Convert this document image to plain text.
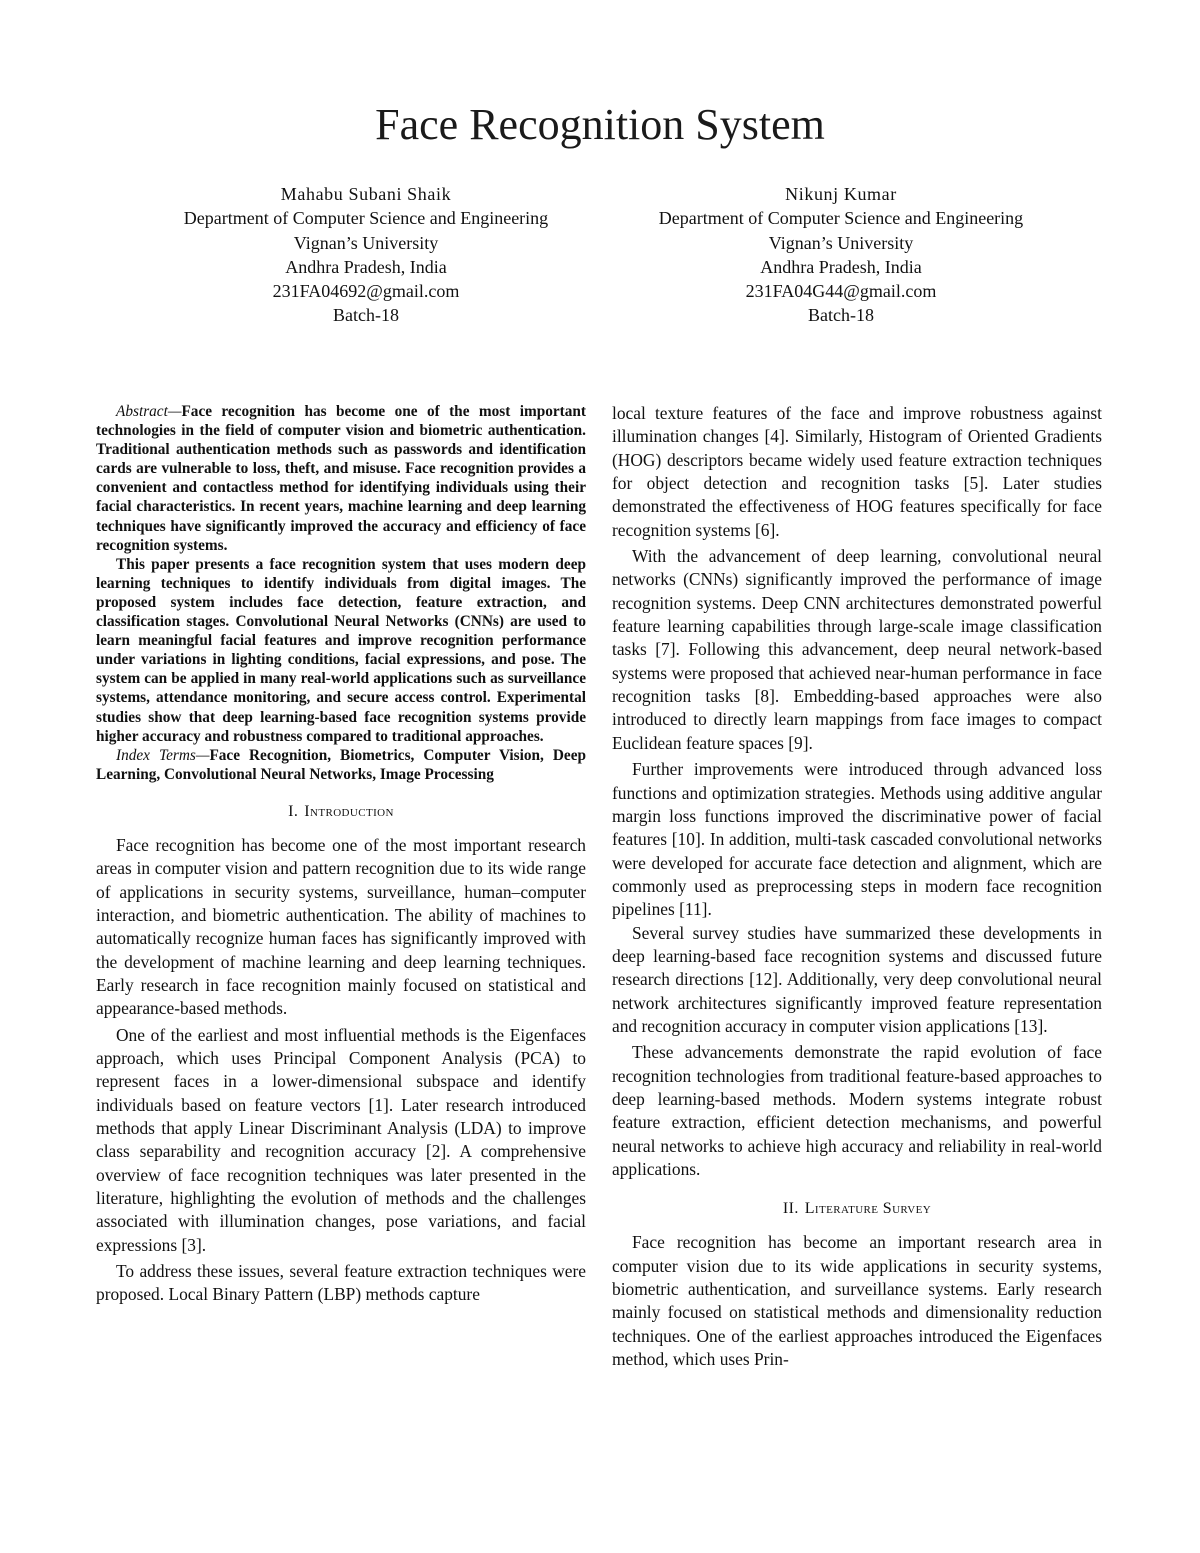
Face Recognition System
Mahabu Subani Shaik
Department of Computer Science and Engineering
Vignan’s University
Andhra Pradesh, India
231FA04692@gmail.com
Batch-18
Nikunj Kumar
Department of Computer Science and Engineering
Vignan’s University
Andhra Pradesh, India
231FA04G44@gmail.com
Batch-18

Abstract—Face recognition has become one of the most important technologies in the field of computer vision and biometric authentication. Traditional authentication methods such as passwords and identification cards are vulnerable to loss, theft, and misuse. Face recognition provides a convenient and contactless method for identifying individuals using their facial characteristics. In recent years, machine learning and deep learning techniques have significantly improved the accuracy and efficiency of face recognition systems.

This paper presents a face recognition system that uses modern deep learning techniques to identify individuals from digital images. The proposed system includes face detection, feature extraction, and classification stages. Convolutional Neural Networks (CNNs) are used to learn meaningful facial features and improve recognition performance under variations in lighting conditions, facial expressions, and pose. The system can be applied in many real-world applications such as surveillance systems, attendance monitoring, and secure access control. Experimental studies show that deep learning-based face recognition systems provide higher accuracy and robustness compared to traditional approaches.

Index Terms—Face Recognition, Biometrics, Computer Vision, Deep Learning, Convolutional Neural Networks, Image Processing

I. Introduction

Face recognition has become one of the most important research areas in computer vision and pattern recognition due to its wide range of applications in security systems, surveillance, human–computer interaction, and biometric authentication. The ability of machines to automatically recognize human faces has significantly improved with the development of machine learning and deep learning techniques. Early research in face recognition mainly focused on statistical and appearance-based methods.

One of the earliest and most influential methods is the Eigenfaces approach, which uses Principal Component Analysis (PCA) to represent faces in a lower-dimensional subspace and identify individuals based on feature vectors [1]. Later research introduced methods that apply Linear Discriminant Analysis (LDA) to improve class separability and recognition accuracy [2]. A comprehensive overview of face recognition techniques was later presented in the literature, highlighting the evolution of methods and the challenges associated with illumination changes, pose variations, and facial expressions [3].

To address these issues, several feature extraction techniques were proposed. Local Binary Pattern (LBP) methods capture

local texture features of the face and improve robustness against illumination changes [4]. Similarly, Histogram of Oriented Gradients (HOG) descriptors became widely used feature extraction techniques for object detection and recognition tasks [5]. Later studies demonstrated the effectiveness of HOG features specifically for face recognition systems [6].

With the advancement of deep learning, convolutional neural networks (CNNs) significantly improved the performance of image recognition systems. Deep CNN architectures demonstrated powerful feature learning capabilities through large-scale image classification tasks [7]. Following this advancement, deep neural network-based systems were proposed that achieved near-human performance in face recognition tasks [8]. Embedding-based approaches were also introduced to directly learn mappings from face images to compact Euclidean feature spaces [9].

Further improvements were introduced through advanced loss functions and optimization strategies. Methods using additive angular margin loss functions improved the discriminative power of facial features [10]. In addition, multi-task cascaded convolutional networks were developed for accurate face detection and alignment, which are commonly used as preprocessing steps in modern face recognition pipelines [11].

Several survey studies have summarized these developments in deep learning-based face recognition systems and discussed future research directions [12]. Additionally, very deep convolutional neural network architectures significantly improved feature representation and recognition accuracy in computer vision applications [13].

These advancements demonstrate the rapid evolution of face recognition technologies from traditional feature-based approaches to deep learning-based methods. Modern systems integrate robust feature extraction, efficient detection mechanisms, and powerful neural networks to achieve high accuracy and reliability in real-world applications.

II. Literature Survey

Face recognition has become an important research area in computer vision due to its wide applications in security systems, biometric authentication, and surveillance systems. Early research mainly focused on statistical methods and dimensionality reduction techniques. One of the earliest approaches introduced the Eigenfaces method, which uses Prin-
